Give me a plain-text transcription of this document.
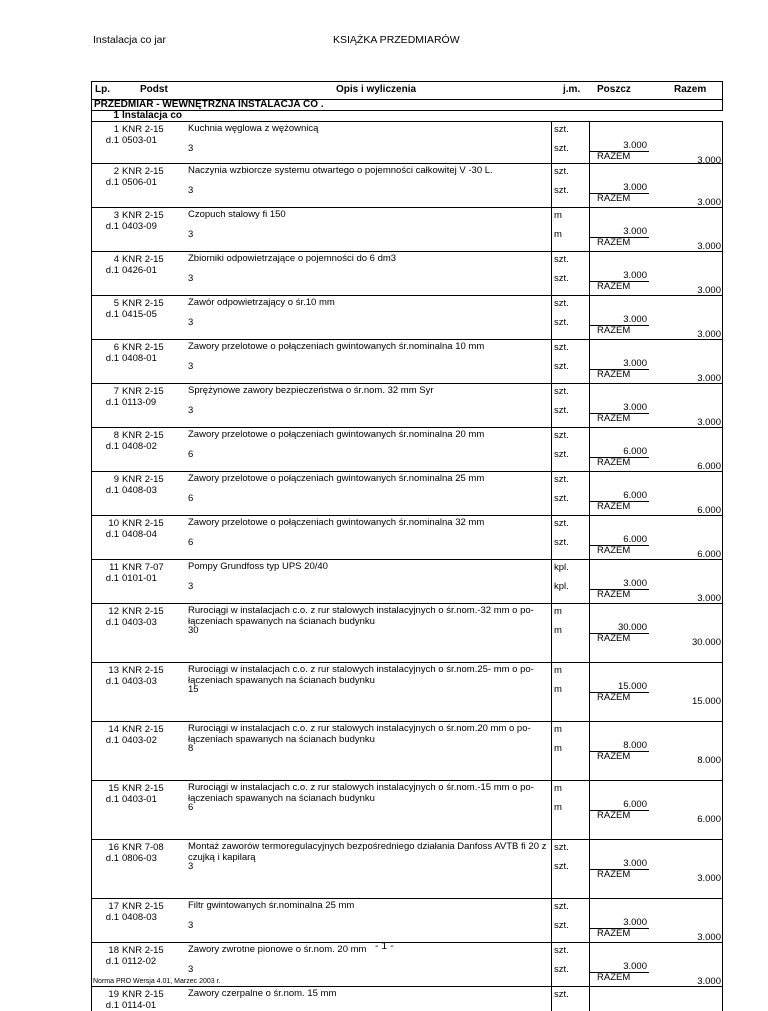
Instalacja co jar	KSIĄŻKA PRZEDMIARÓW
Lp.	Podst	Opis i wyliczenia	j.m. Poszcz	Razem
PRZEDMIAR - WEWNĘTRZNA INSTALACJA CO .
1 Instalacja co
1 KNR 2-15
d.1 0503-01
Kuchnia węglowa z wężownicą	szt.
3	szt.	3.000
RAZEM	3.000
2 KNR 2-15
d.1 0506-01
Naczynia wzbiorcze systemu otwartego o pojemności całkowitej V -30 L.	szt.
3	szt.	3.000
RAZEM	3.000
3 KNR 2-15
d.1 0403-09
Czopuch stalowy fi 150	m
3	m	3.000
RAZEM	3.000
4 KNR 2-15
d.1 0426-01
Zbiorniki odpowietrzające o pojemności do 6 dm3	szt.
3	szt.	3.000
RAZEM	3.000
5 KNR 2-15
d.1 0415-05
Zawór odpowietrzający o śr.10 mm	szt.
3	szt.	3.000
RAZEM	3.000
6 KNR 2-15
d.1 0408-01
Zawory przelotowe o połączeniach gwintowanych śr.nominalna 10 mm	szt.
3	szt.	3.000
RAZEM	3.000
7 KNR 2-15
d.1 0113-09
Sprężynowe zawory bezpieczeństwa o śr.nom. 32 mm Syr	szt.
3	szt.	3.000
RAZEM	3.000
8 KNR 2-15
d.1 0408-02
Zawory przelotowe o połączeniach gwintowanych śr.nominalna 20 mm	szt.
6	szt.	6.000
RAZEM	6.000
9 KNR 2-15
d.1 0408-03
Zawory przelotowe o połączeniach gwintowanych śr.nominalna 25 mm	szt.
6	szt.	6.000
RAZEM	6.000
10 KNR 2-15
d.1 0408-04
Zawory przelotowe o połączeniach gwintowanych śr.nominalna 32 mm	szt.
6	szt.	6.000
RAZEM	6.000
11 KNR 7-07
d.1 0101-01
Pompy Grundfoss typ UPS 20/40	kpl.
3	kpl.	3.000
RAZEM	3.000
12 KNR 2-15
d.1 0403-03
Rurociągi w instalacjach c.o. z rur stalowych instalacyjnych o śr.nom.-32 mm o po-łączeniach spawanych na ścianach budynku
m
30	m	30.000
RAZEM	30.000
13 KNR 2-15
d.1 0403-03
Rurociągi w instalacjach c.o. z rur stalowych instalacyjnych o śr.nom.25- mm o po-łączeniach spawanych na ścianach budynku
m
15	m	15.000
RAZEM	15.000
14 KNR 2-15
d.1 0403-02
Rurociągi w instalacjach c.o. z rur stalowych instalacyjnych o śr.nom.20 mm o po-łączeniach spawanych na ścianach budynku
m
8	m	8.000
RAZEM	8.000
15 KNR 2-15
d.1 0403-01
Rurociągi w instalacjach c.o. z rur stalowych instalacyjnych o śr.nom.-15 mm o po-łączeniach spawanych na ścianach budynku
m
6	m	6.000
RAZEM	6.000
16 KNR 7-08
d.1 0806-03
Montaż zaworów termoregulacyjnych bezpośredniego działania Danfoss AVTB fi 20 z czujką i kapilarą
szt.
3	szt.	3.000
RAZEM	3.000
17 KNR 2-15
d.1 0408-03
Filtr gwintowanych śr.nominalna 25 mm	szt.
3	szt.	3.000
RAZEM	3.000
18 KNR 2-15
d.1 0112-02
Zawory zwrotne pionowe o śr.nom. 20 mm	szt.
3	szt.	3.000
RAZEM	3.000
19 KNR 2-15
d.1 0114-01
Zawory czerpalne o śr.nom. 15 mm	szt.
- 1 -
Norma PRO Wersja 4.01, Marzec 2003 r.
